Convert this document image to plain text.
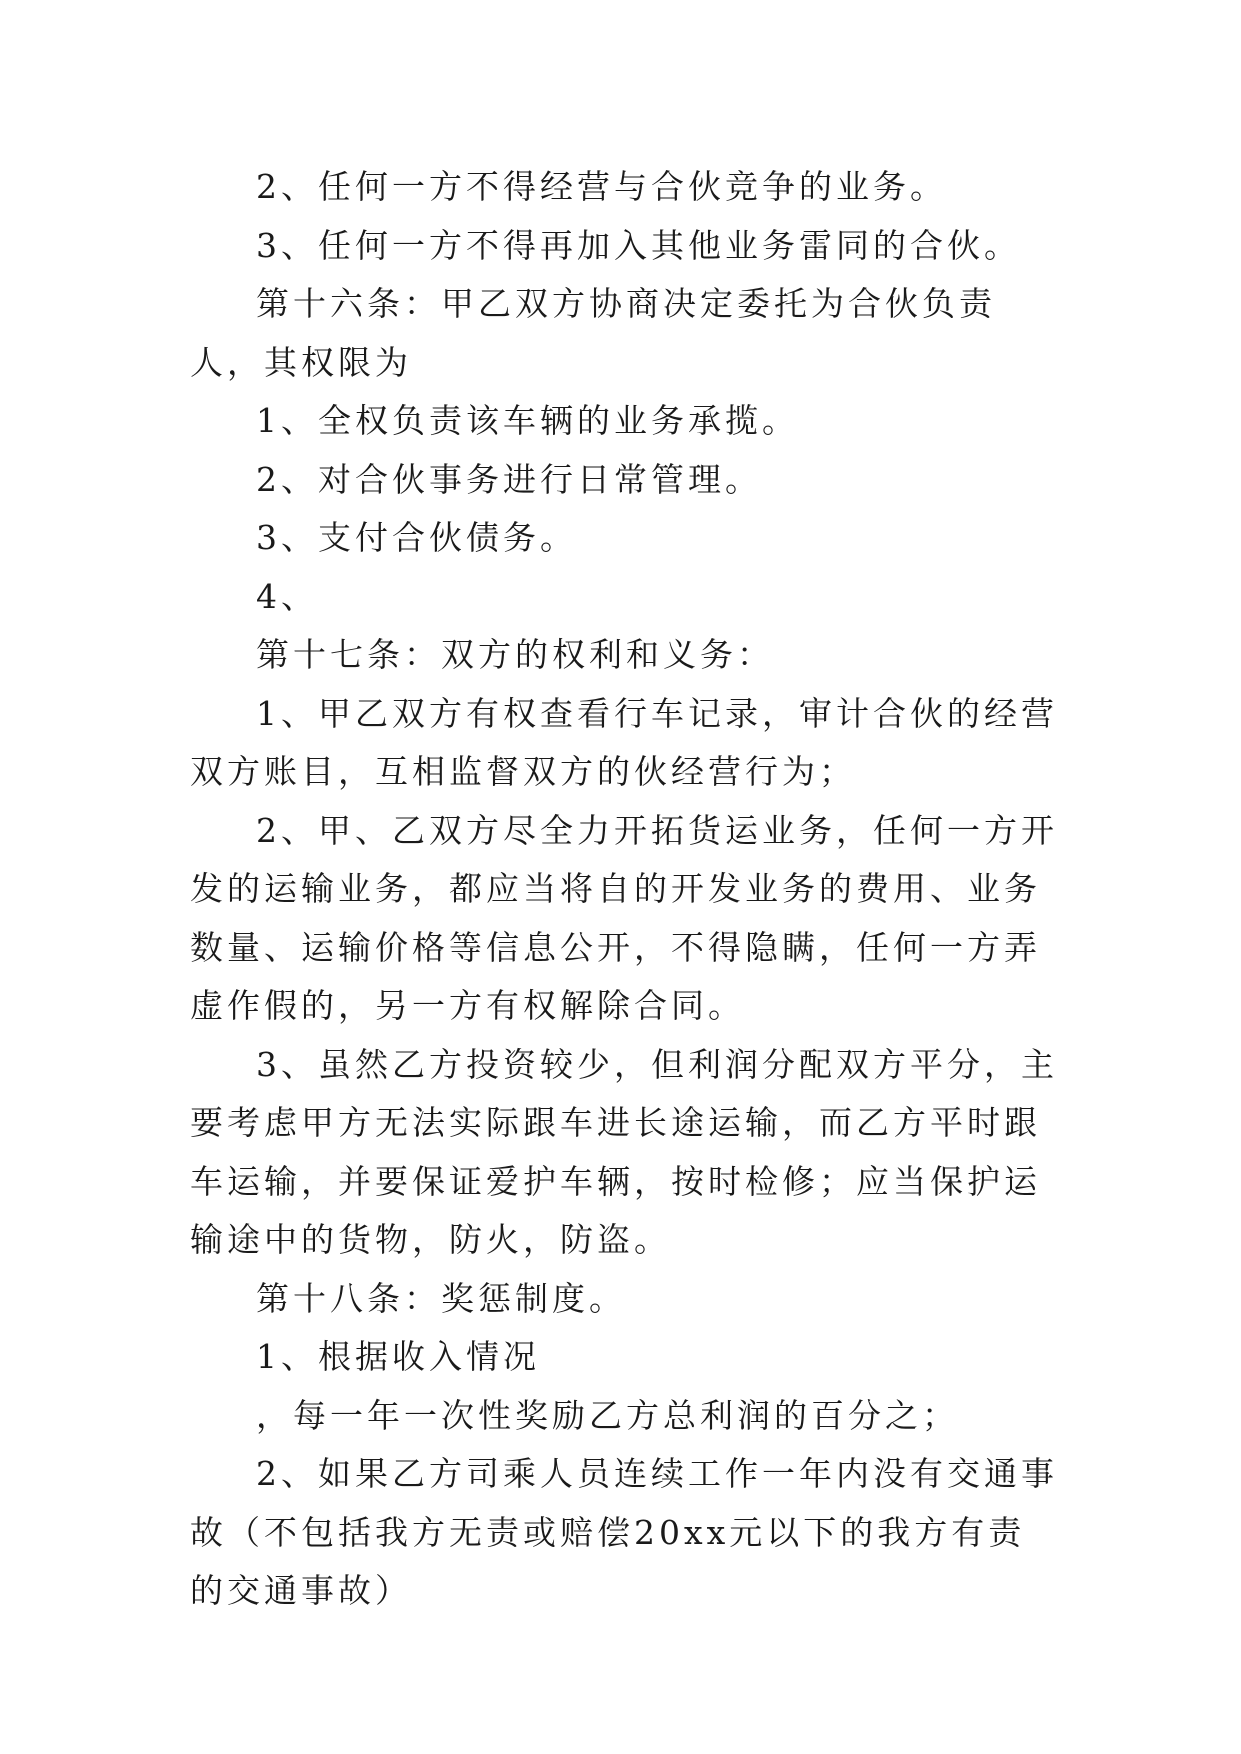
2、任何一方不得经营与合伙竞争的业务。

3、任何一方不得再加入其他业务雷同的合伙。

第十六条：甲乙双方协商决定委托为合伙负责人，其权限为

1、全权负责该车辆的业务承揽。

2、对合伙事务进行日常管理。

3、支付合伙债务。

4、

第十七条：双方的权利和义务：

1、甲乙双方有权查看行车记录，审计合伙的经营双方账目，互相监督双方的伙经营行为；

2、甲、乙双方尽全力开拓货运业务，任何一方开发的运输业务，都应当将自的开发业务的费用、业务数量、运输价格等信息公开，不得隐瞒，任何一方弄虚作假的，另一方有权解除合同。

3、虽然乙方投资较少，但利润分配双方平分，主要考虑甲方无法实际跟车进长途运输，而乙方平时跟车运输，并要保证爱护车辆，按时检修；应当保护运输途中的货物，防火，防盗。

第十八条：奖惩制度。

1、根据收入情况

，每一年一次性奖励乙方总利润的百分之；

2、如果乙方司乘人员连续工作一年内没有交通事故（不包括我方无责或赔偿20xx元以下的我方有责的交通事故）
